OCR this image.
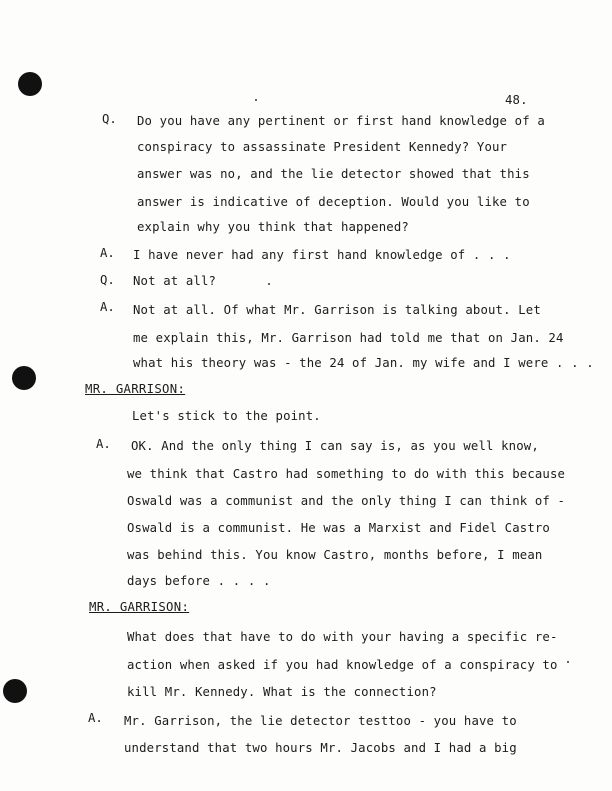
48.
Q. Do you have any pertinent or first hand knowledge of a
conspiracy to assassinate President Kennedy? Your
answer was no, and the lie detector showed that this
answer is indicative of deception. Would you like to
explain why you think that happened?
A. I have never had any first hand knowledge of . . .
Q. Not at all?
A. Not at all. Of what Mr. Garrison is talking about. Let
me explain this, Mr. Garrison had told me that on Jan. 24
what his theory was - the 24 of Jan. my wife and I were . . .
MR. GARRISON:
Let's stick to the point.
A. OK. And the only thing I can say is, as you well know,
we think that Castro had something to do with this because
Oswald was a communist and the only thing I can think of -
Oswald is a communist. He was a Marxist and Fidel Castro
was behind this. You know Castro, months before, I mean
days before . . . .
MR. GARRISON:
What does that have to do with your having a specific re-
action when asked if you had knowledge of a conspiracy to
kill Mr. Kennedy. What is the connection?
A. Mr. Garrison, the lie detector testtoo - you have to
understand that two hours Mr. Jacobs and I had a big
